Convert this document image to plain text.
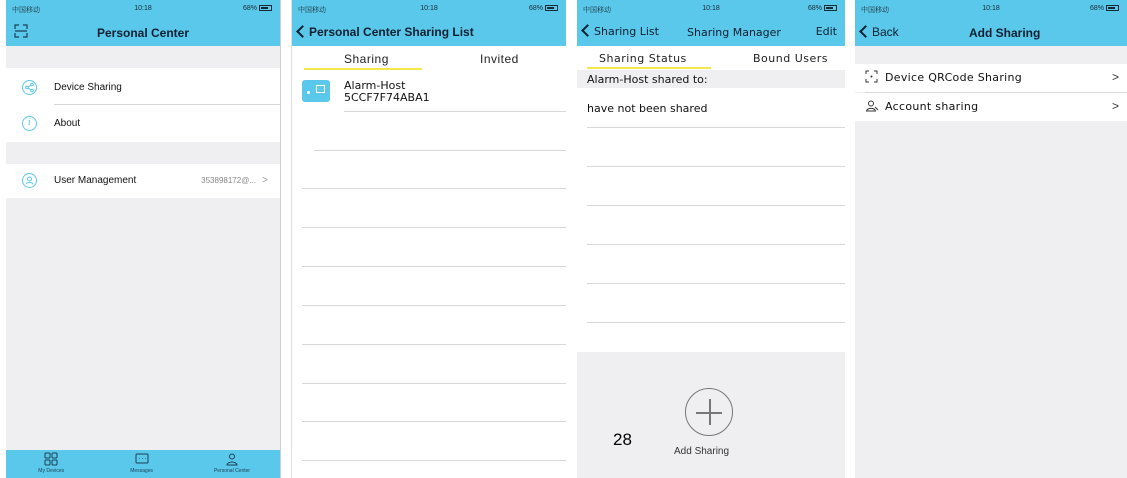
中国移动	10:18	68%
Personal Center
Device Sharing
i	About
User Management	353898172@... >
My Devices	Messages	Personal Center
中国移动	10:18	68%
Personal Center Sharing List
Sharing	Invited
Alarm-Host
5CCF7F74ABA1
中国移动	10:18	68%
Sharing List	Sharing Manager	Edit
Sharing Status	Bound Users
Alarm-Host shared to:
have not been shared
Add Sharing
28
中国移动	10:18	68%
Back	Add Sharing
Device QRCode Sharing	>
Account sharing	>
